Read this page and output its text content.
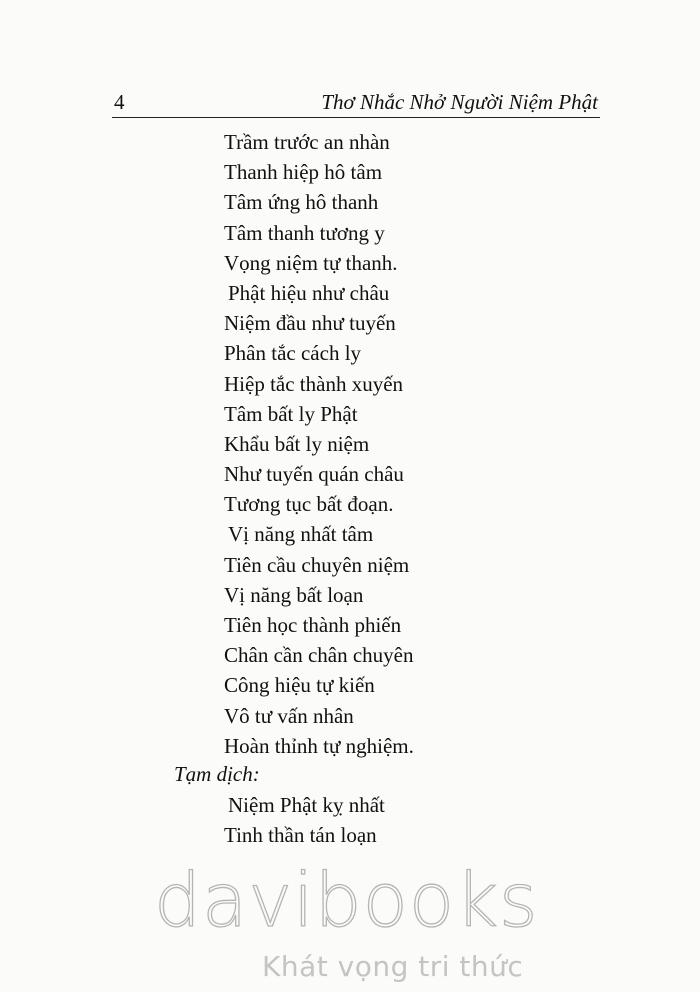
4	Thơ Nhắc Nhở Người Niệm Phật
Trầm trước an nhàn
Thanh hiệp hô tâm
Tâm ứng hô thanh
Tâm thanh tương y
Vọng niệm tự thanh.
Phật hiệu như châu
Niệm đầu như tuyến
Phân tắc cách ly
Hiệp tắc thành xuyến
Tâm bất ly Phật
Khẩu bất ly niệm
Như tuyến quán châu
Tương tục bất đoạn.
Vị năng nhất tâm
Tiên cầu chuyên niệm
Vị năng bất loạn
Tiên học thành phiến
Chân cần chân chuyên
Công hiệu tự kiến
Vô tư vấn nhân
Hoàn thỉnh tự nghiệm.
Tạm dịch:
Niệm Phật kỵ nhất
Tinh thần tán loạn
davibooks
Khát vọng tri thức
